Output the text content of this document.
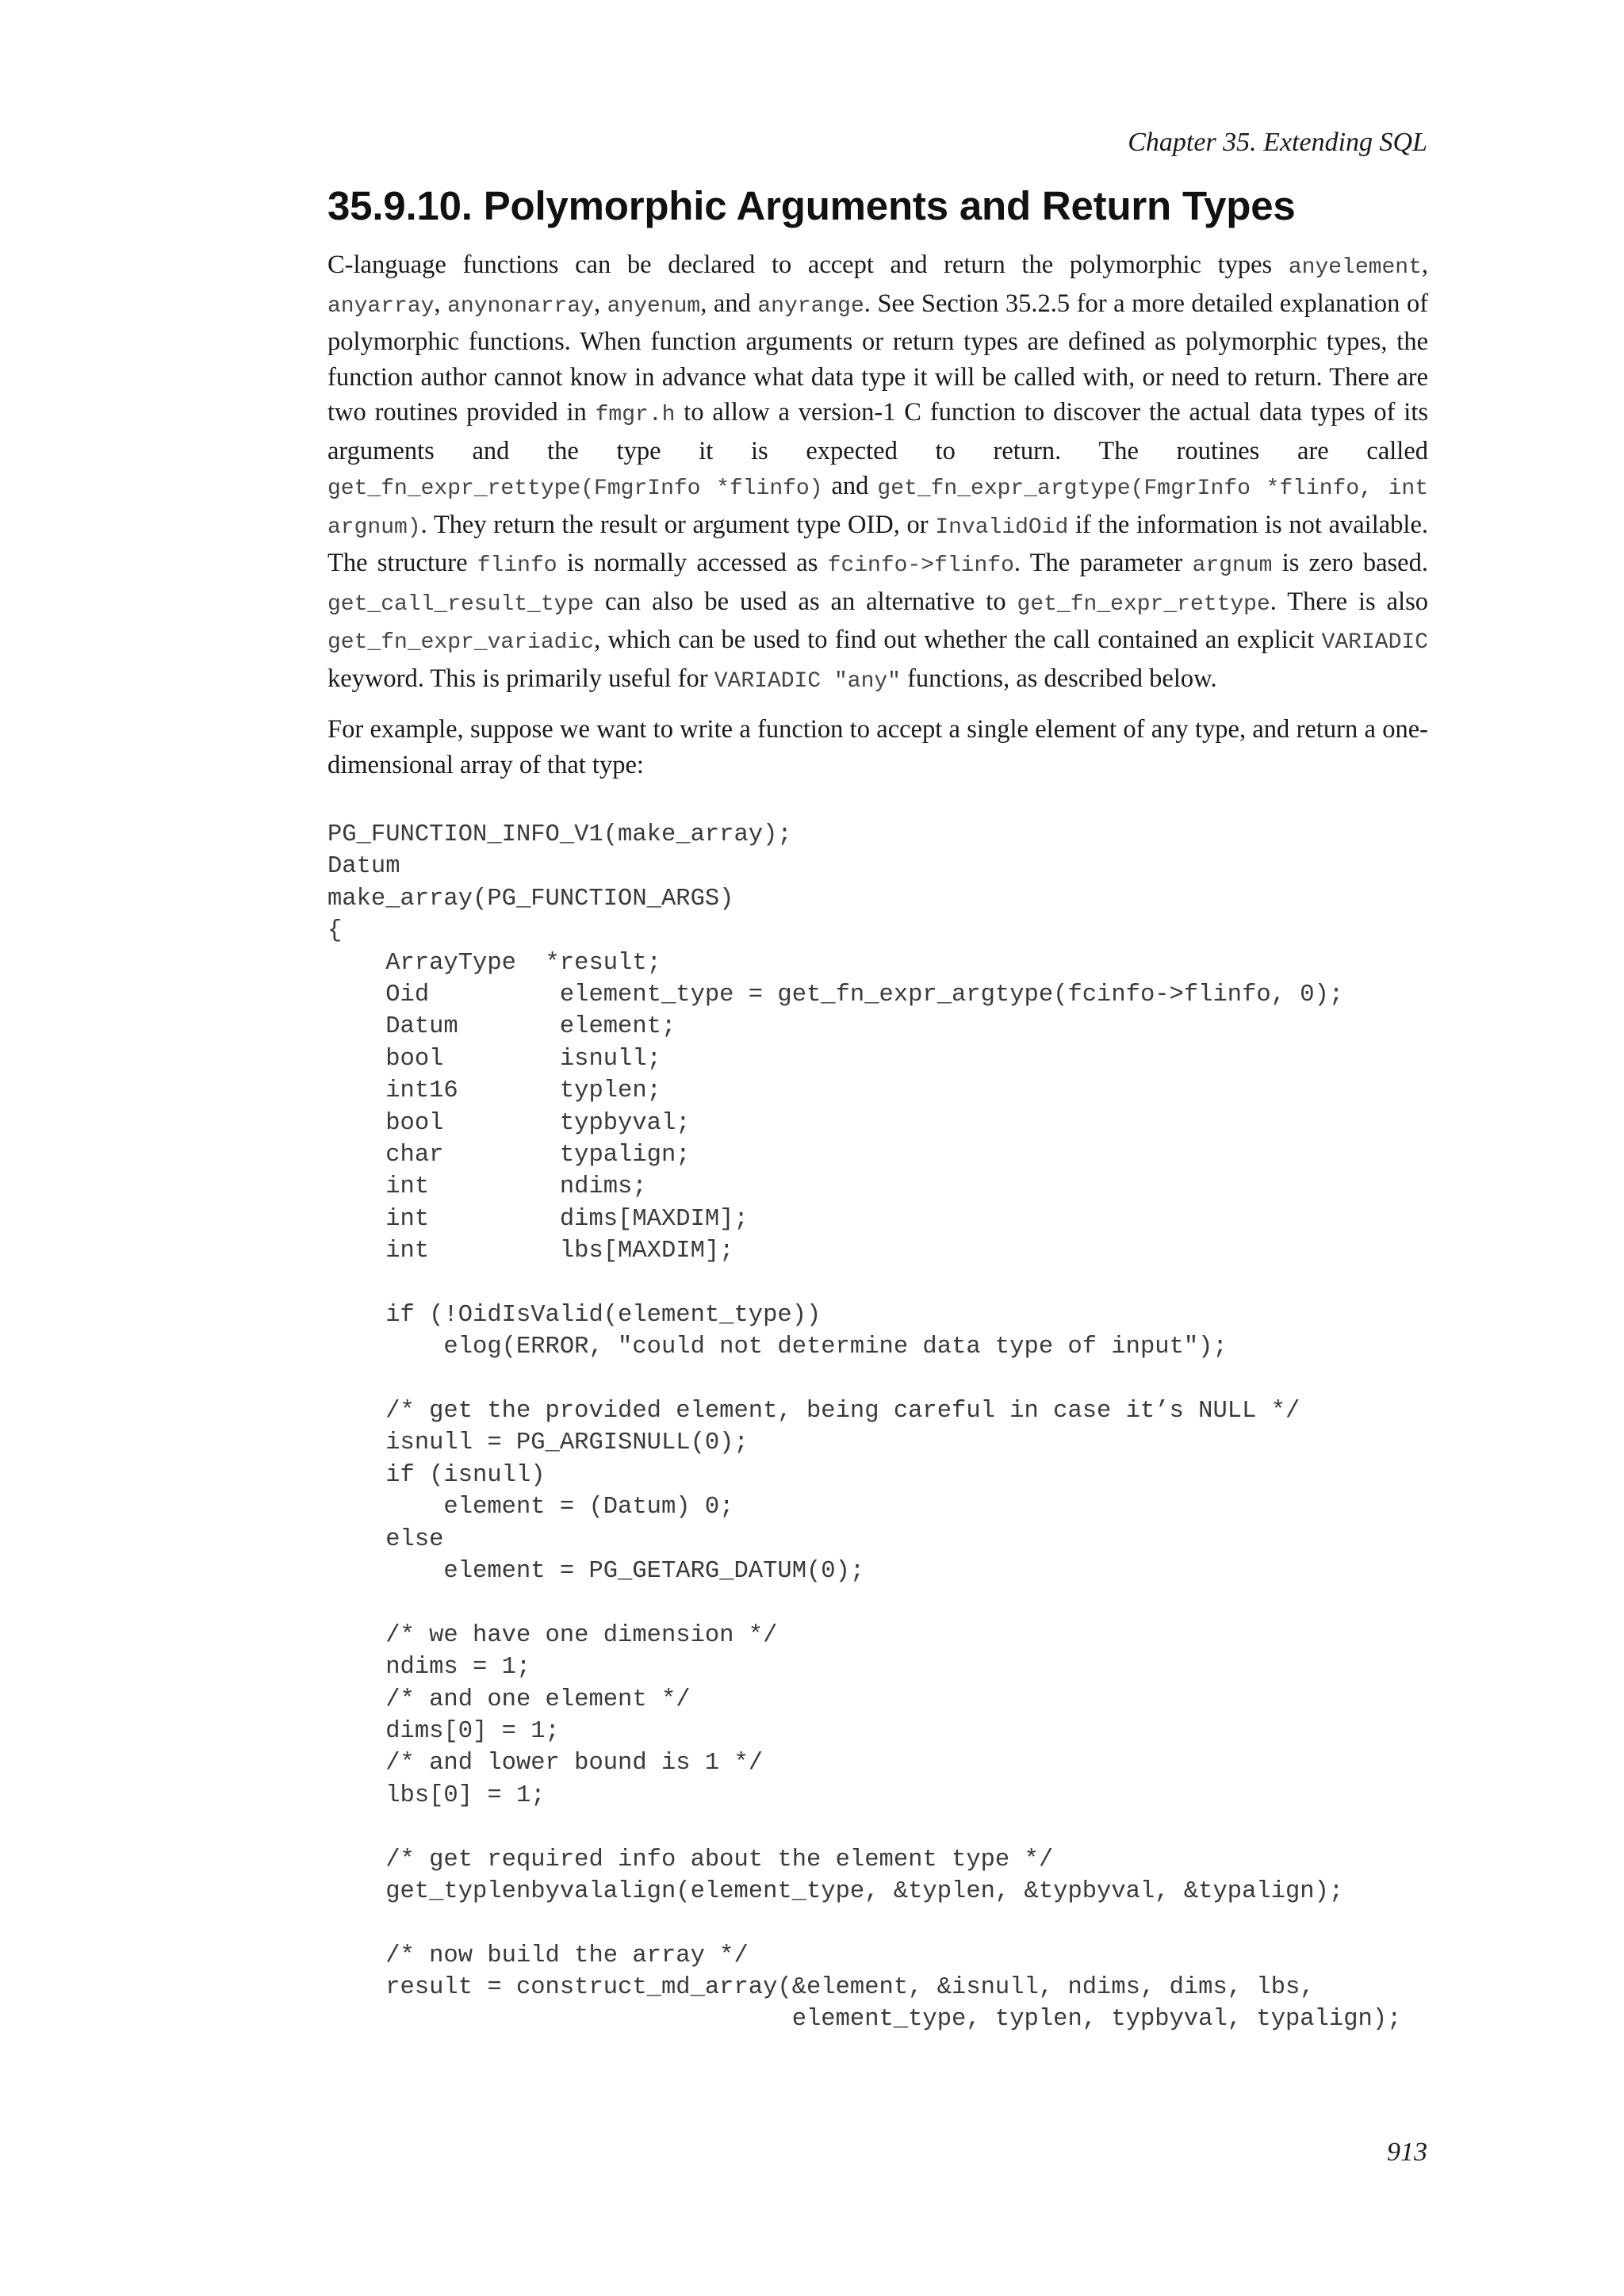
Chapter 35. Extending SQL
35.9.10. Polymorphic Arguments and Return Types

C-language functions can be declared to accept and return the polymorphic types anyelement, anyarray, anynonarray, anyenum, and anyrange. See Section 35.2.5 for a more detailed explanation of polymorphic functions. When function arguments or return types are defined as polymorphic types, the function author cannot know in advance what data type it will be called with, or need to return. There are two routines provided in fmgr.h to allow a version-1 C function to discover the actual data types of its arguments and the type it is expected to return. The routines are called get_fn_expr_rettype(FmgrInfo *flinfo) and get_fn_expr_argtype(FmgrInfo *flinfo, int argnum). They return the result or argument type OID, or InvalidOid if the information is not available. The structure flinfo is normally accessed as fcinfo->flinfo. The parameter argnum is zero based. get_call_result_type can also be used as an alternative to get_fn_expr_rettype. There is also get_fn_expr_variadic, which can be used to find out whether the call contained an explicit VARIADIC keyword. This is primarily useful for VARIADIC "any" functions, as described below.

For example, suppose we want to write a function to accept a single element of any type, and return a one-dimensional array of that type:

PG_FUNCTION_INFO_V1(make_array);
Datum
make_array(PG_FUNCTION_ARGS)
{
ArrayType  *result;
Oid         element_type = get_fn_expr_argtype(fcinfo->flinfo, 0);
Datum       element;
bool        isnull;
int16       typlen;
bool        typbyval;
char        typalign;
int         ndims;
int         dims[MAXDIM];
int         lbs[MAXDIM];
if (!OidIsValid(element_type))
elog(ERROR, "could not determine data type of input");
/* get the provided element, being careful in case it’s NULL */
isnull = PG_ARGISNULL(0);
if (isnull)
element = (Datum) 0;
else
element = PG_GETARG_DATUM(0);
/* we have one dimension */
ndims = 1;
/* and one element */
dims[0] = 1;
/* and lower bound is 1 */
lbs[0] = 1;
/* get required info about the element type */
get_typlenbyvalalign(element_type, &typlen, &typbyval, &typalign);
/* now build the array */
result = construct_md_array(&element, &isnull, ndims, dims, lbs,
element_type, typlen, typbyval, typalign);
913
